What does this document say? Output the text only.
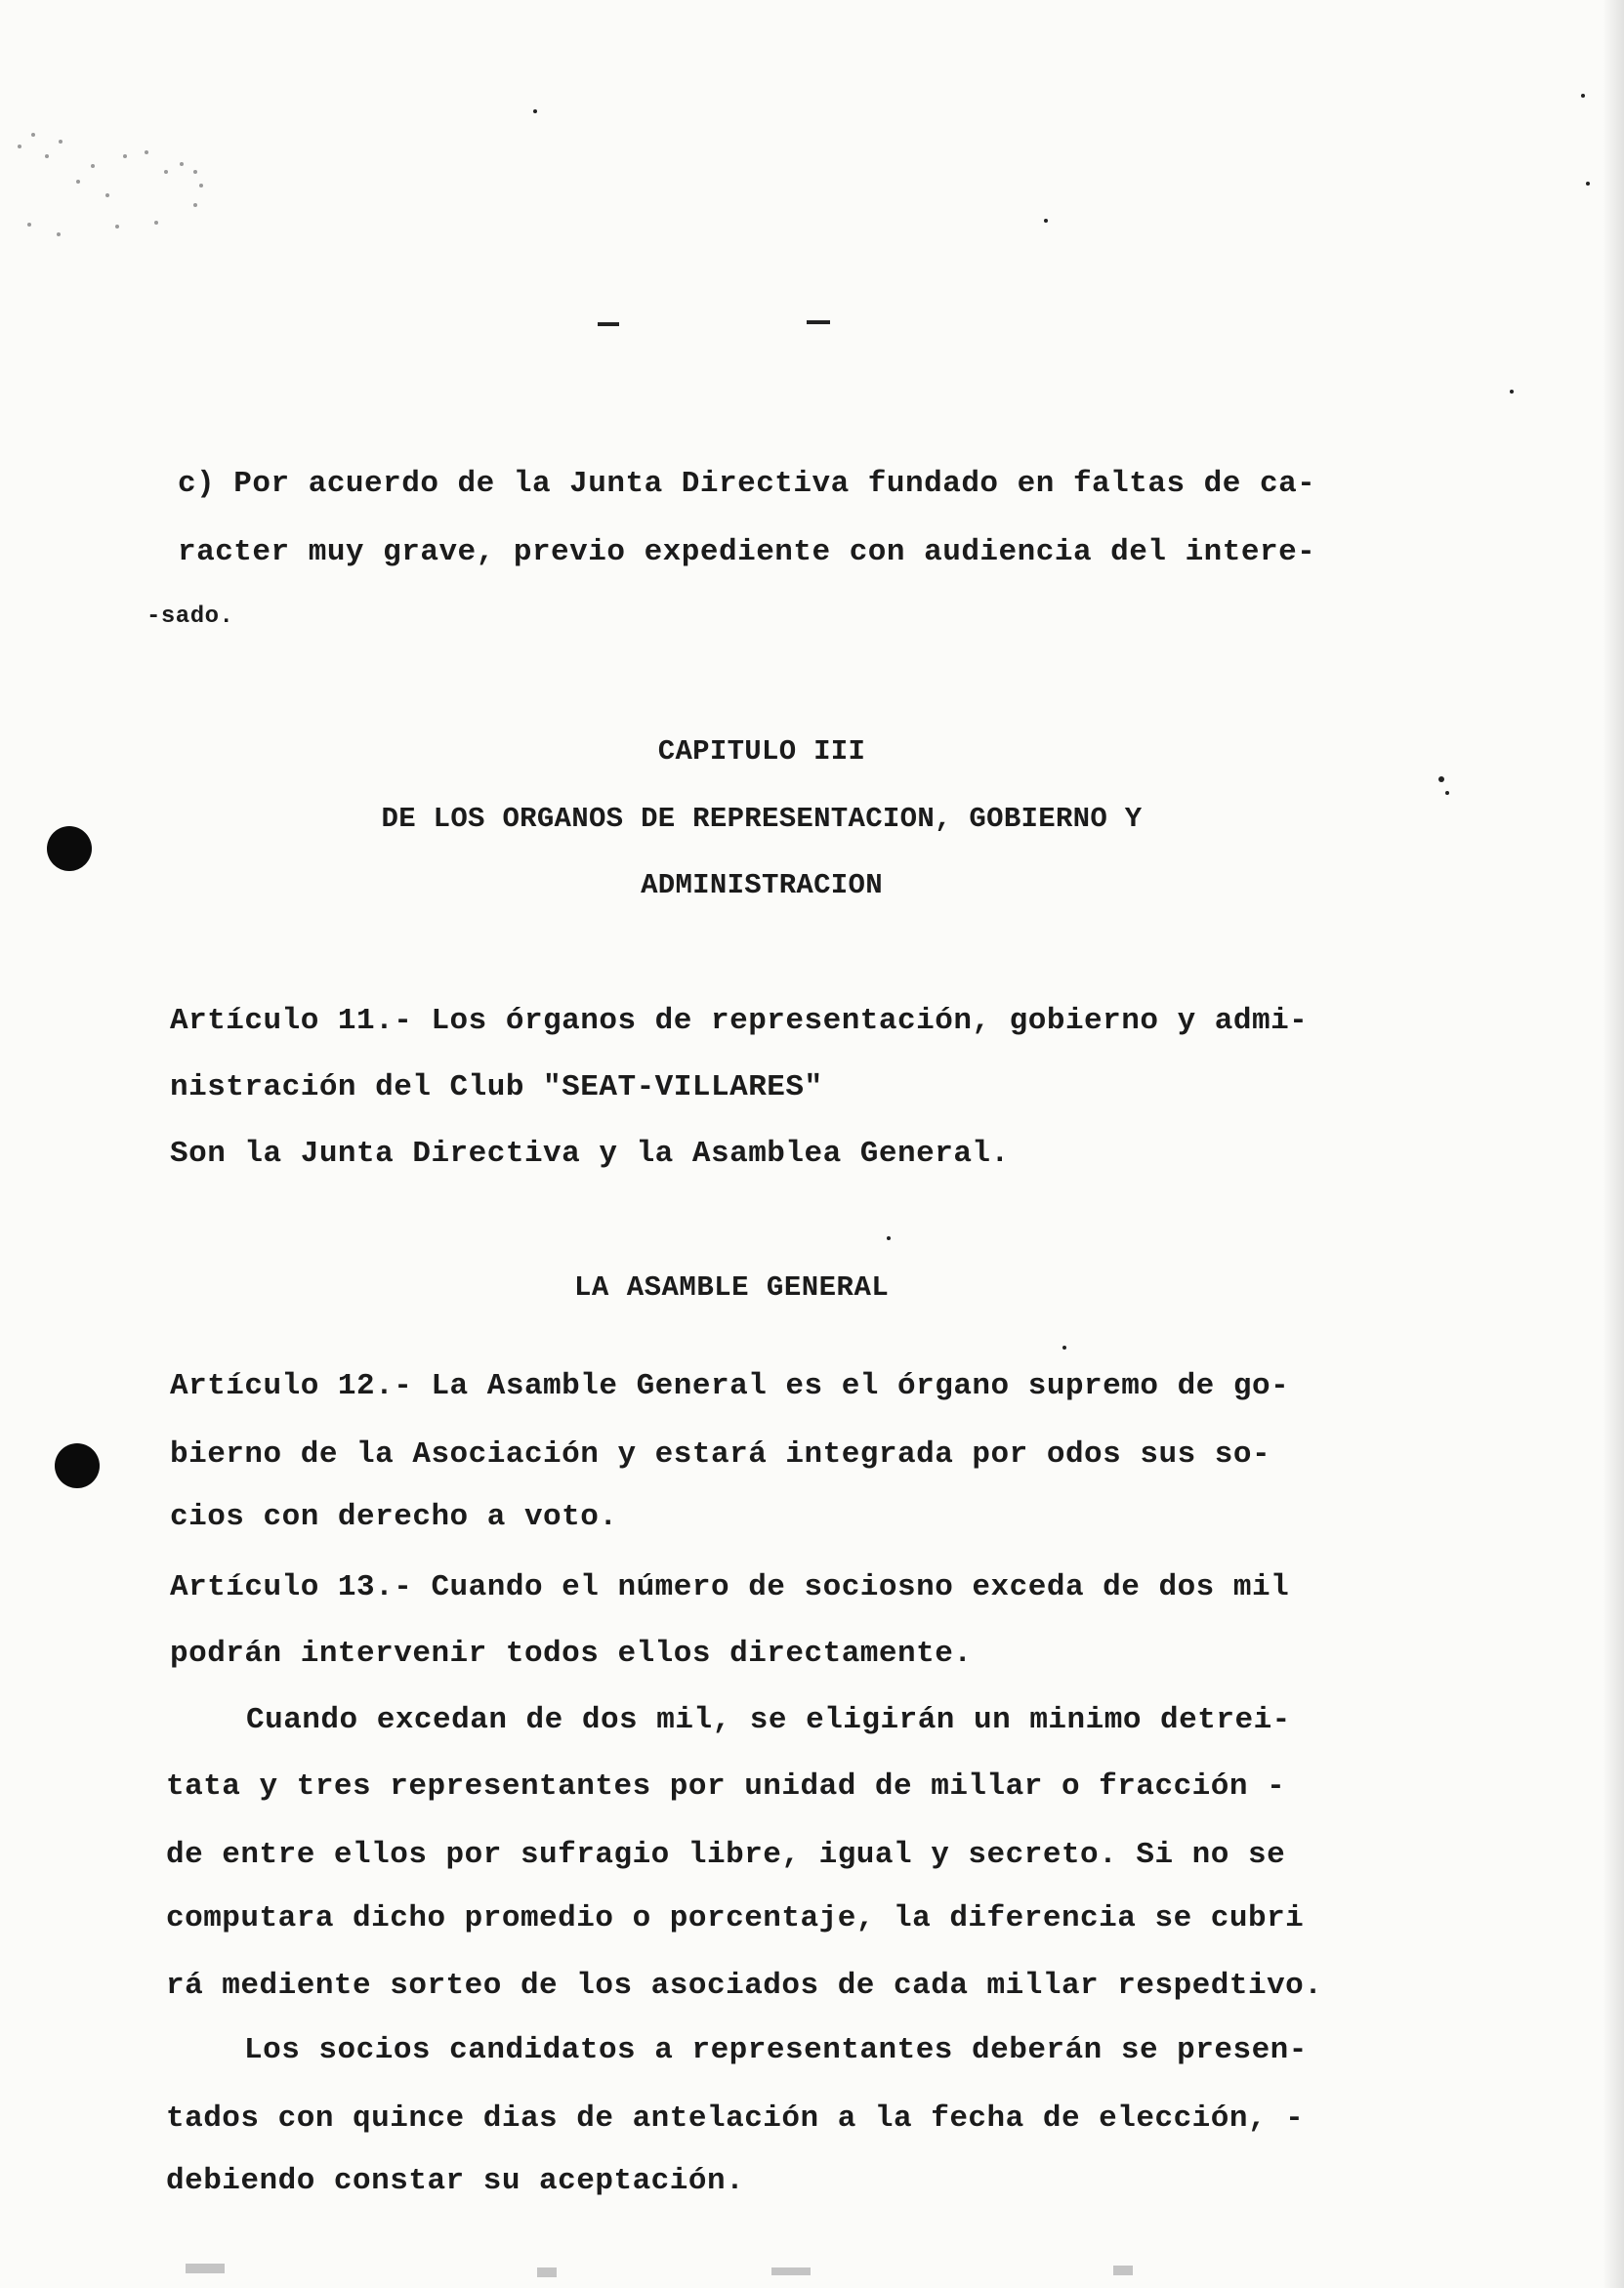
c) Por acuerdo de la Junta Directiva fundado en faltas de ca-
racter muy grave, previo expediente con audiencia del intere-
-sado.
CAPITULO III
DE LOS ORGANOS DE REPRESENTACION, GOBIERNO Y
ADMINISTRACION
Artículo 11.- Los órganos de representación, gobierno y admi-
nistración del Club "SEAT-VILLARES"
Son la Junta Directiva y la Asamblea General.
LA ASAMBLE GENERAL
Artículo 12.- La Asamble General es el órgano supremo de go-
bierno de la Asociación y estará integrada por odos sus so-
cios con derecho a voto.
Artículo 13.- Cuando el número de sociosno exceda de dos mil
podrán intervenir todos ellos directamente.
Cuando excedan de dos mil, se eligirán un minimo detrei-
tata y tres representantes por unidad de millar o fracción -
de entre ellos por sufragio libre, igual y secreto. Si no se
computara dicho promedio o porcentaje, la diferencia se cubri
rá medientе sorteo de los asociados de cada millar respedtivo.
Los socios candidatos a representantes deberán se presen-
tados con quince dias de antelación a la fecha de elección, -
debiendo constar su aceptación.
